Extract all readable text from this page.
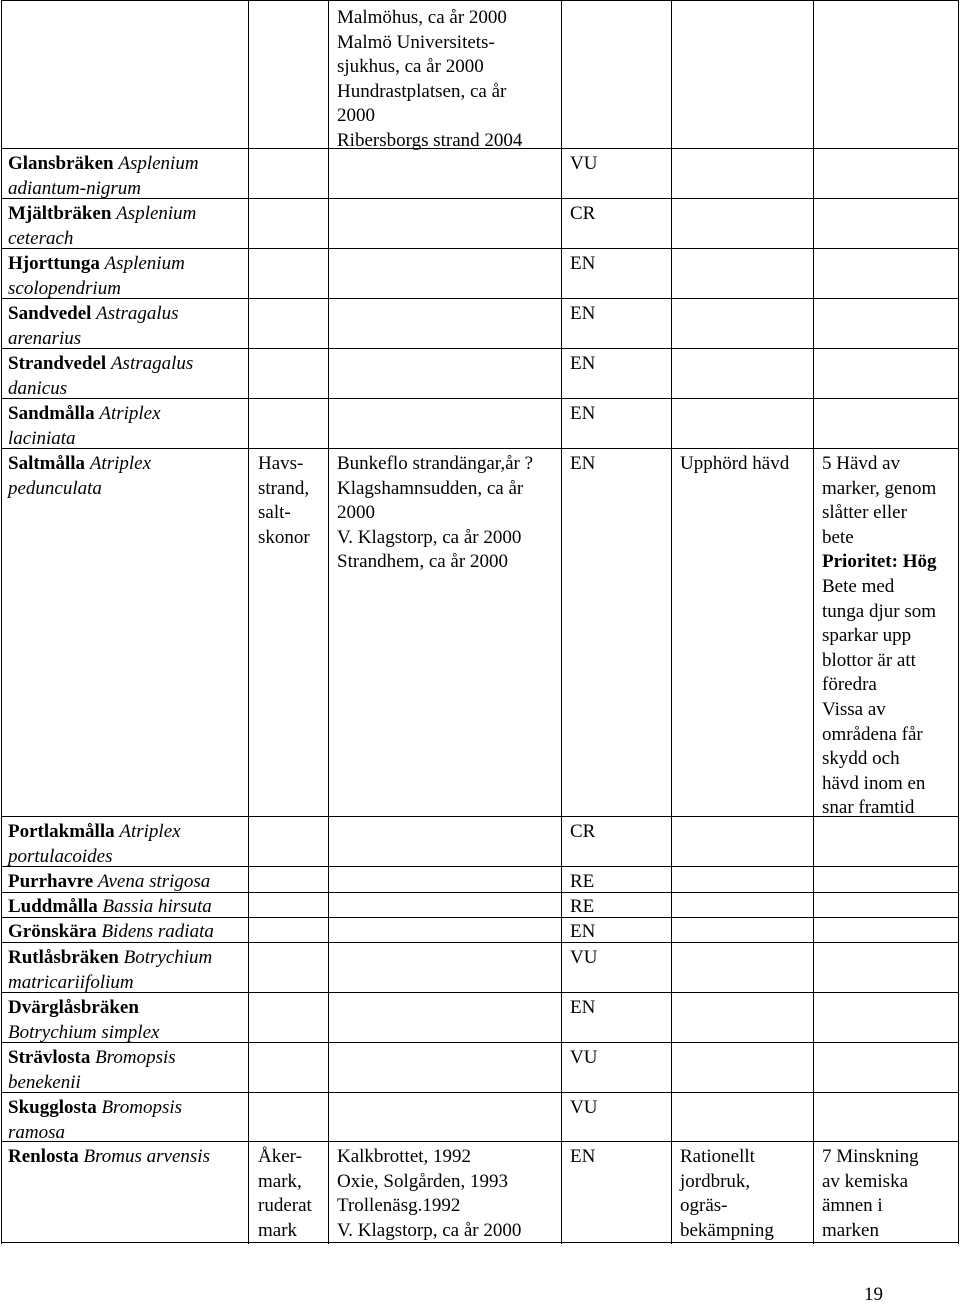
Malmöhus, ca år 2000
Malmö Universitets-
sjukhus, ca år 2000
Hundrastplatsen, ca år
2000
Ribersborgs strand 2004
Glansbräken Asplenium
adiantum-nigrum
Mjältbräken Asplenium
ceterach
Hjorttunga Asplenium
scolopendrium
Sandvedel Astragalus
arenarius
Strandvedel Astragalus
danicus
Sandmålla Atriplex
laciniata
Saltmålla Atriplex
pedunculata
VU
CR
EN
EN
EN
EN
EN
Havs-
strand,
salt-
skonor
Bunkeflo strandängar,år ?
Klagshamnsudden, ca år
2000
V. Klagstorp, ca år 2000
Strandhem, ca år 2000
Upphörd hävd 5 Hävd av
marker, genom
slåtter eller
bete
Prioritet: Hög
Bete med
tunga djur som
sparkar upp
blottor är att
föredra
Vissa av
områdena får
skydd och
hävd inom en
snar framtid
Portlakmålla Atriplex
portulacoides
Purrhavre Avena strigosa
Luddmålla Bassia hirsuta
Grönskära Bidens radiata
Rutlåsbräken Botrychium
matricariifolium
Dvärglåsbräken
Botrychium simplex
Strävlosta Bromopsis
benekenii
Skugglosta Bromopsis
ramosa
CR
RE
RE
EN
VU
EN
VU
VU
Renlosta Bromus arvensis	Åker-
mark,
ruderat
mark
Kalkbrottet, 1992
Oxie, Solgården, 1993
Trollenäsg.1992
V. Klagstorp, ca år 2000
EN	Rationellt
jordbruk,
ogräs-
bekämpning
7 Minskning
av kemiska
ämnen i
marken
19
